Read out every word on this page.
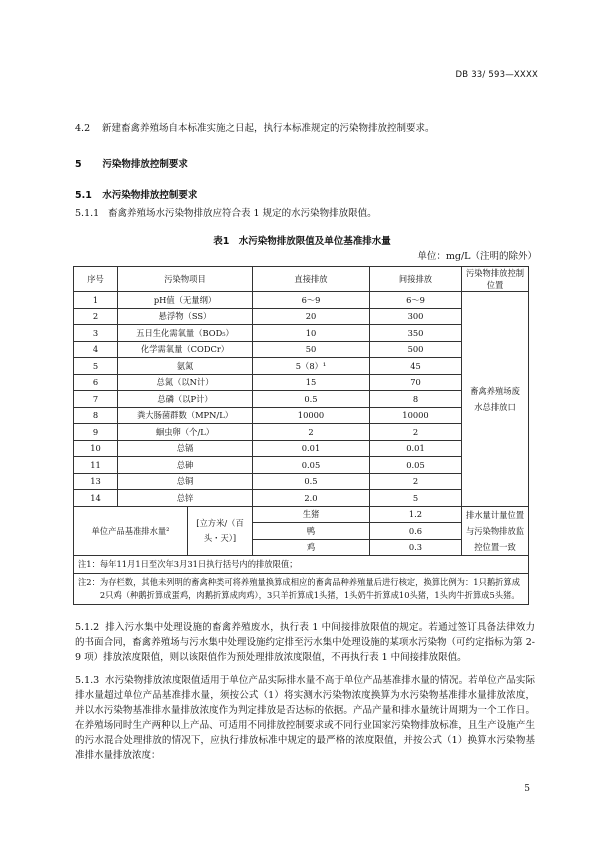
DB 33/ 593—XXXX
4.2 新建畜禽养殖场自本标准实施之日起，执行本标准规定的污染物排放控制要求。
5 污染物排放控制要求
5.1 水污染物排放控制要求
5.1.1 畜禽养殖场水污染物排放应符合表 1 规定的水污染物排放限值。
表1　水污染物排放限值及单位基准排水量
单位：mg/L（注明的除外）
序号	污染物项目		直接排放	间接排放	污染物排放控制位置
1	pH值（无量纲）		6～9	6～9	畜禽养殖场废水总排放口
2	悬浮物（SS）		20	300	
3	五日生化需氧量（BOD₅）		10	350	
4	化学需氧量（CODCr）		50	500	
5	氨氮		5（8）¹	45	
6	总氮（以N计）		15	70	
7	总磷（以P计）		0.5	8	
8	粪大肠菌群数（MPN/L）		10000	10000	
9	蛔虫卵（个/L）		2	2	
10	总镉		0.01	0.01	
11	总砷		0.05	0.05	
13	总铜		0.5	2	
14	总锌		2.0	5	
单位产品基准排水量²		[立方米/（百头・天）]	生猪	1.2	排水量计量位置与污染物排放监控位置一致
			鸭	0.6	
			鸡	0.3	
注1：每年11月1日至次年3月31日执行括号内的排放限值；					

注2： 为存栏数，其他未列明的畜禽种类可将养殖量换算成相应的畜禽品种养殖量后进行核定，换算比例为：1只鹅折算成2只鸡（种鹅折算成蛋鸡，肉鹅折算成肉鸡），3只羊折算成1头猪，1头奶牛折算成10头猪，1头肉牛折算成5头猪。					
5.1.2 排入污水集中处理设施的畜禽养殖废水，执行表 1 中间接排放限值的规定。若通过签订具备法律效力的书面合同，畜禽养殖场与污水集中处理设施约定排至污水集中处理设施的某项水污染物（可约定指标为第 2-9 项）排放浓度限值，则以该限值作为预处理排放浓度限值，不再执行表 1 中间接排放限值。
5.1.3 水污染物排放浓度限值适用于单位产品实际排水量不高于单位产品基准排水量的情况。若单位产品实际排水量超过单位产品基准排水量，须按公式（1）将实测水污染物浓度换算为水污染物基准排水量排放浓度，并以水污染物基准排水量排放浓度作为判定排放是否达标的依据。产品产量和排水量统计周期为一个工作日。在养殖场同时生产两种以上产品、可适用不同排放控制要求或不同行业国家污染物排放标准，且生产设施产生的污水混合处理排放的情况下，应执行排放标准中规定的最严格的浓度限值，并按公式（1）换算水污染物基准排水量排放浓度：
5
